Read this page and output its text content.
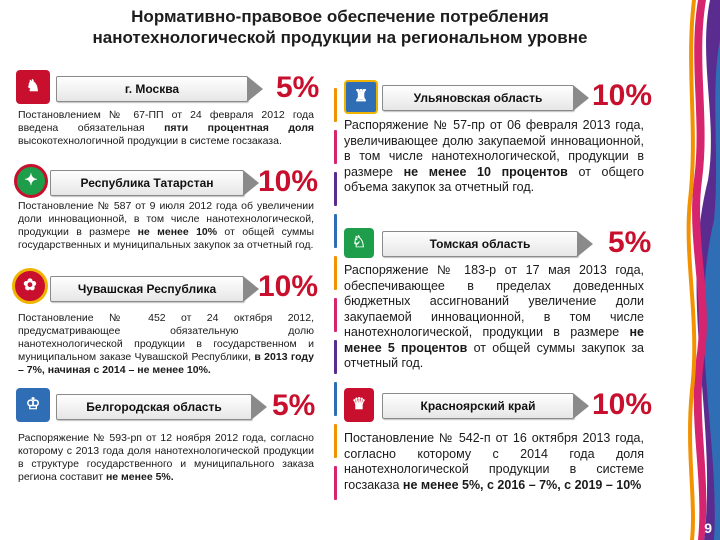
Нормативно-правовое обеспечение потребления
нанотехнологической продукции на региональном уровне
♞	г. Москва	5%
Постановлением № 67-ПП от 24 февраля 2012 года введена обязательная пяти процентная доля высокотехнологичной продукции в системе госзаказа.
✦	Республика Татарстан	10%
Постановление № 587 от 9 июля 2012 года об увеличении доли инновационной, в том числе нанотехнологической, продукции в размере не менее 10% от общей суммы государственных и муниципальных закупок за отчетный год.
✿	Чувашская Республика	10%
Постановление № 452 от 24 октября 2012, предусматривающее обязательную долю нанотехнологической продукции в государственном и муниципальном заказе Чувашской Республики, в 2013 году – 7%, начиная с 2014 – не менее 10%.
♔	Белгородская область	5%
Распоряжение № 593-рп от 12 ноября 2012 года, согласно которому с 2013 года доля нанотехнологической продукции в структуре государственного и муниципального заказа региона составит не менее 5%.
♜	Ульяновская область	10%
Распоряжение № 57-пр от 06 февраля 2013 года, увеличивающее долю закупаемой инновационной, в том числе нанотехнологической, продукции в размере не менее 10 процентов от общего объема закупок за отчетный год.
♘	Томская область	5%
Распоряжение № 183-р от 17 мая 2013 года, обеспечивающее в пределах доведенных бюджетных ассигнований увеличение доли закупаемой инновационной, в том числе нанотехнологической, продукции в размере не менее 5 процентов от общей суммы закупок за отчетный год.
♛	Красноярский край	10%
Постановление № 542-п от 16 октября 2013 года, согласно которому с 2014 года доля нанотехнологической продукции в системе госзаказа не менее 5%, с 2016 – 7%, с 2019 – 10%
9
